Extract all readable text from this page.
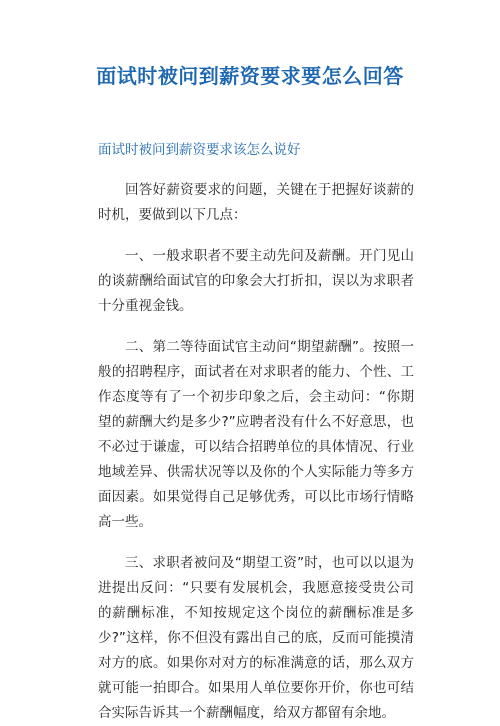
面试时被问到薪资要求要怎么回答

面试时被问到薪资要求该怎么说好

回答好薪资要求的问题，关键在于把握好谈薪的时机，要做到以下几点：

一、一般求职者不要主动先问及薪酬。开门见山的谈薪酬给面试官的印象会大打折扣，误以为求职者十分重视金钱。

二、第二等待面试官主动问“期望薪酬”。按照一般的招聘程序，面试者在对求职者的能力、个性、工作态度等有了一个初步印象之后，会主动问：“你期望的薪酬大约是多少?”应聘者没有什么不好意思，也不必过于谦虚，可以结合招聘单位的具体情况、行业地域差异、供需状况等以及你的个人实际能力等多方面因素。如果觉得自己足够优秀，可以比市场行情略高一些。

三、求职者被问及“期望工资”时，也可以以退为进提出反问：“只要有发展机会，我愿意接受贵公司的薪酬标准，不知按规定这个岗位的薪酬标准是多少?”这样，你不但没有露出自己的底，反而可能摸清对方的底。如果你对对方的标准满意的话，那么双方就可能一拍即合。如果用人单位要你开价，你也可结合实际告诉其一个薪酬幅度，给双方都留有余地。
